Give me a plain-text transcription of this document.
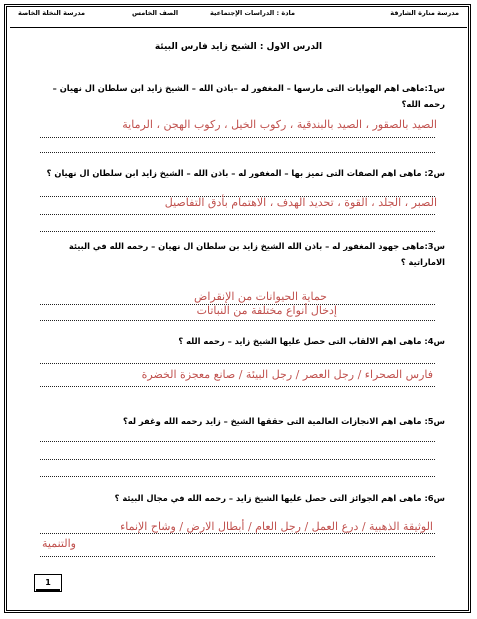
مدرسة منارة الشارقة
مادة : الدراسات الإجتماعية
الصف الخامس
مدرسة النخلة الخاصة
الدرس الاول : الشيخ زايد فارس البيئة
س1:ماهى اهم الهوايات التى مارسها – المغفور له –باذن الله – الشيخ زايد ابن سلطان ال نهيان – رحمه الله؟
الصيد بالصقور ، الصيد بالبندقية ، ركوب الخيل ، ركوب الهجن ، الرماية
س2: ماهى اهم الصفات التى تميز بها – المغفور له – باذن الله – الشيخ زايد ابن سلطان ال نهيان ؟
الصبر ، الجلد ، القوة ، تحديد الهدف ، الاهتمام بأدق التفاصيل
س3:ماهى جهود المغفور له – باذن الله الشيخ زايد بن سلطان ال نهيان – رحمه الله في البيئة الاماراتية ؟
حماية الحيوانات من الإنقراض
إدخال أنواع مختلفة من النباتات
س4: ماهى اهم الالقاب التى حصل عليها الشيخ زايد – رحمه الله ؟
فارس الصحراء / رجل العصر / رجل البيئة / صانع معجزة الخضرة
س5: ماهى اهم الانجازات العالمية التى حققها الشيخ – زايد رحمه الله وغفر له؟
س6: ماهى اهم الجوائز التى حصل عليها الشيخ زايد – رحمه الله في مجال البيئة ؟
الوثيقة الذهبية / درع العمل / رجل العام / أبطال الارض / وشاح الإنماء
والتنمية
1
